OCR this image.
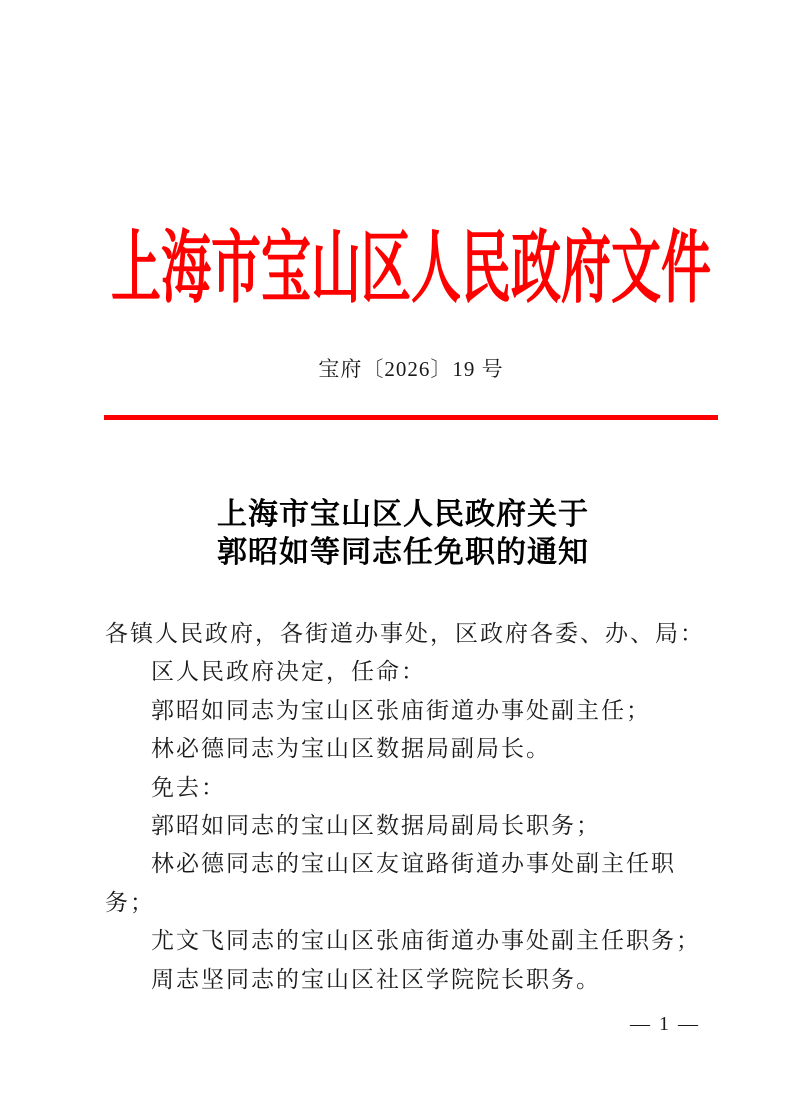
上海市宝山区人民政府文件
宝府〔2026〕19 号
上海市宝山区人民政府关于
郭昭如等同志任免职的通知

各镇人民政府，各街道办事处，区政府各委、办、局：

区人民政府决定，任命：

郭昭如同志为宝山区张庙街道办事处副主任；

林必德同志为宝山区数据局副局长。

免去：

郭昭如同志的宝山区数据局副局长职务；

林必德同志的宝山区友谊路街道办事处副主任职务；

尤文飞同志的宝山区张庙街道办事处副主任职务；

周志坚同志的宝山区社区学院院长职务。

— 1 —
